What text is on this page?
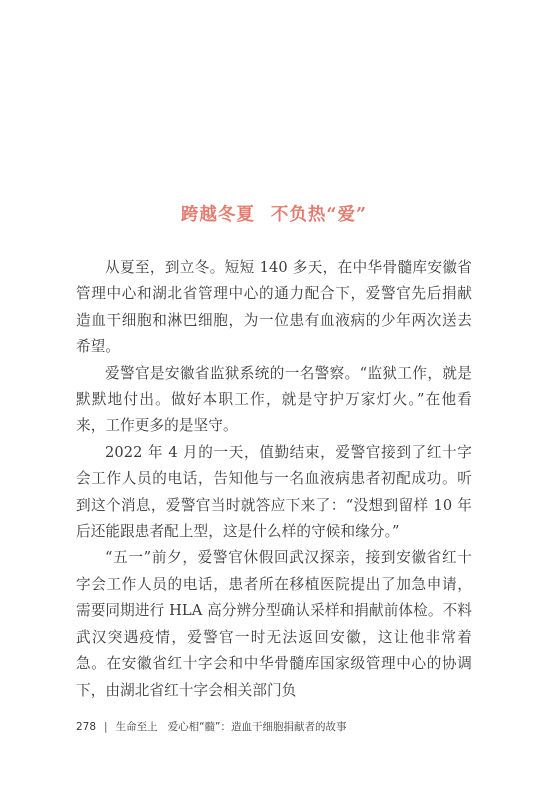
跨越冬夏 不负热“爱”

从夏至，到立冬。短短 140 多天，在中华骨髓库安徽省管理中心和湖北省管理中心的通力配合下，爱警官先后捐献造血干细胞和淋巴细胞，为一位患有血液病的少年两次送去希望。

爱警官是安徽省监狱系统的一名警察。“监狱工作，就是默默地付出。做好本职工作，就是守护万家灯火。”在他看来，工作更多的是坚守。

2022 年 4 月的一天，值勤结束，爱警官接到了红十字会工作人员的电话，告知他与一名血液病患者初配成功。听到这个消息，爱警官当时就答应下来了：“没想到留样 10 年后还能跟患者配上型，这是什么样的守候和缘分。”

“五一”前夕，爱警官休假回武汉探亲，接到安徽省红十字会工作人员的电话，患者所在移植医院提出了加急申请，需要同期进行 HLA 高分辨分型确认采样和捐献前体检。不料武汉突遇疫情，爱警官一时无法返回安徽，这让他非常着急。在安徽省红十字会和中华骨髓库国家级管理中心的协调下，由湖北省红十字会相关部门负

278 | 生命至上 爱心相“髓”：造血干细胞捐献者的故事
